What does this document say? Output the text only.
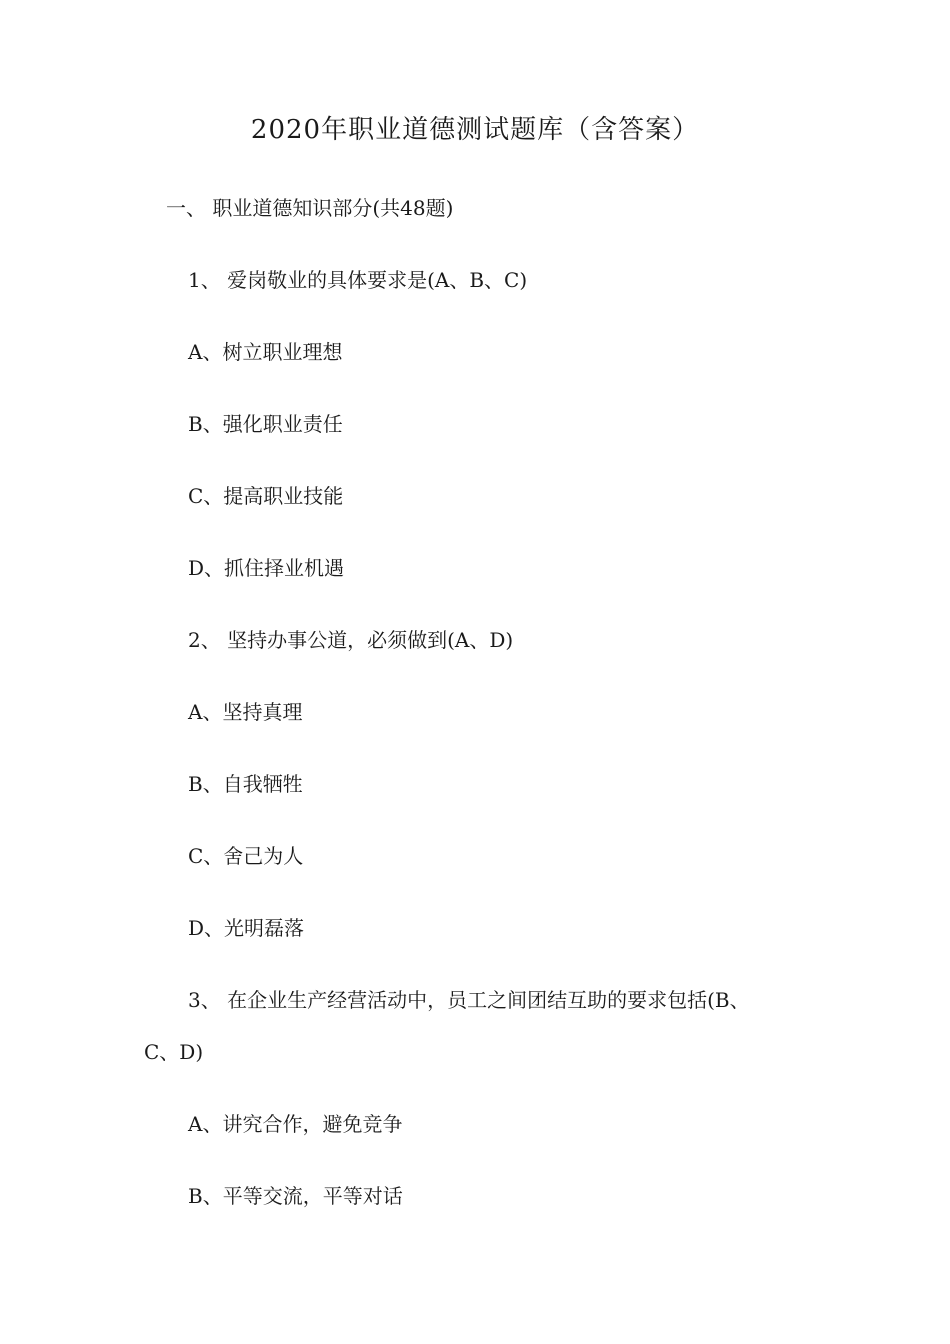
2020年职业道德测试题库（含答案）
一、 职业道德知识部分(共48题)
1、 爱岗敬业的具体要求是(A、B、C)
A、树立职业理想
B、强化职业责任
C、提高职业技能
D、抓住择业机遇
2、 坚持办事公道，必须做到(A、D)
A、坚持真理
B、自我牺牲
C、舍己为人
D、光明磊落
3、 在企业生产经营活动中，员工之间团结互助的要求包括(B、
C、D)
A、讲究合作，避免竞争
B、平等交流，平等对话
